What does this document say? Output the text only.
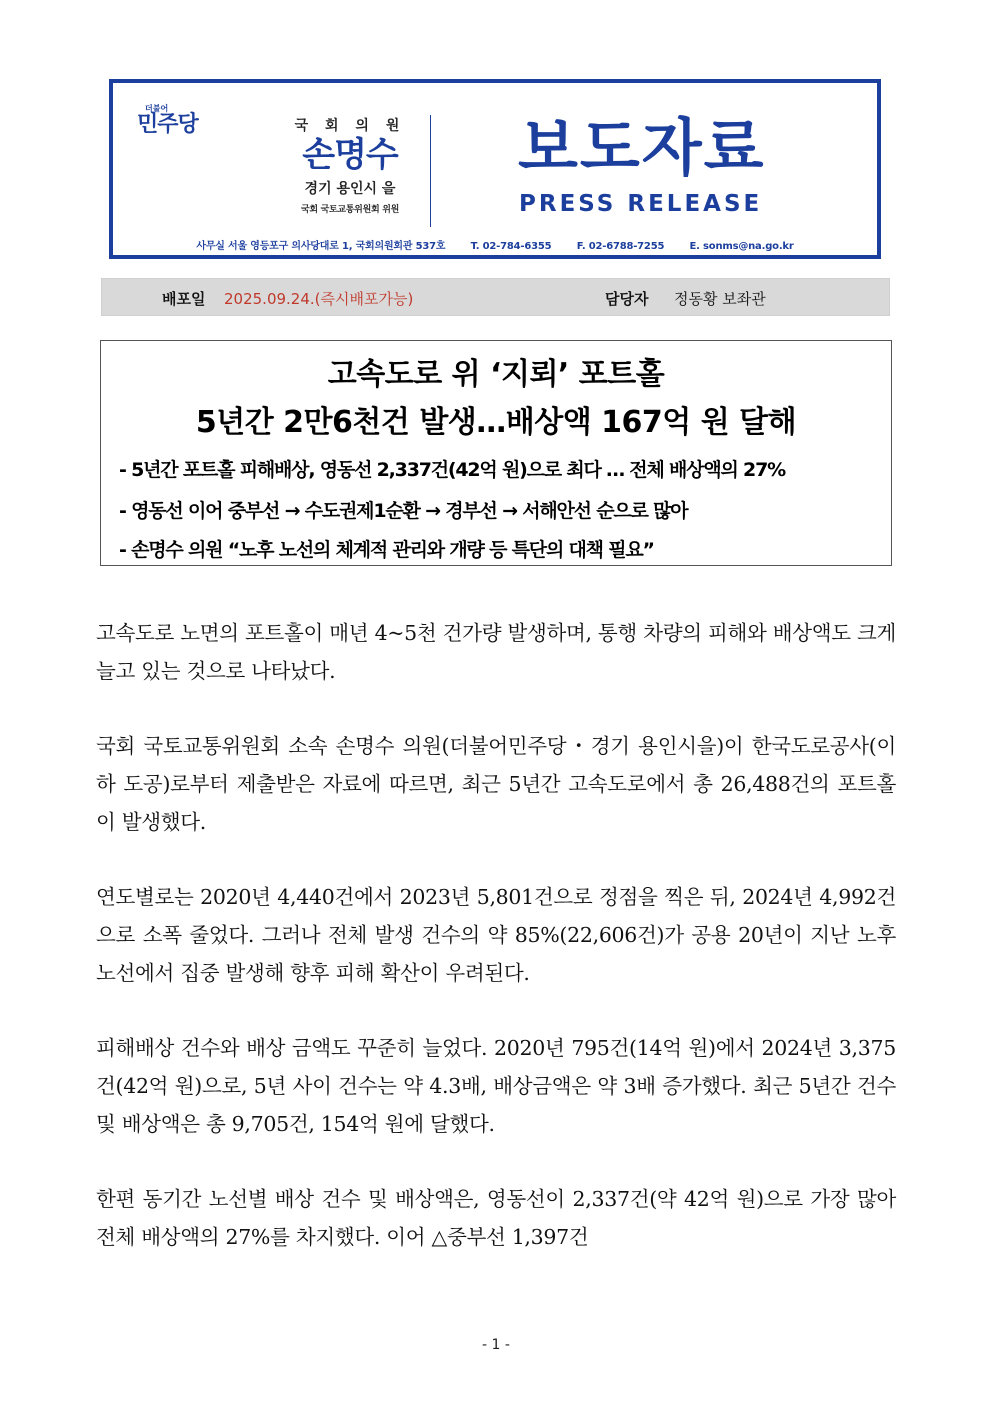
더불어
민주당	국 회 의 원
손명수
경기 용인시 을
국회 국토교통위원회 위원
보도자료
PRESS RELEASE
사무실 서울 영등포구 의사당대로 1, 국회의원회관 537호	T. 02-784-6355	F. 02-6788-7255	E. sonms@na.go.kr
배포일 2025.09.24.(즉시배포가능)	담당자 정동황 보좌관
고속도로 위 ‘지뢰’ 포트홀
5년간 2만6천건 발생…배상액 167억 원 달해
- 5년간 포트홀 피해배상, 영동선 2,337건(42억 원)으로 최다 … 전체 배상액의 27%
- 영동선 이어 중부선 → 수도권제1순환 → 경부선 → 서해안선 순으로 많아
- 손명수 의원 “노후 노선의 체계적 관리와 개량 등 특단의 대책 필요”

고속도로 노면의 포트홀이 매년 4~5천 건가량 발생하며, 통행 차량의 피해와 배상액도 크게 늘고 있는 것으로 나타났다.

국회 국토교통위원회 소속 손명수 의원(더불어민주당・경기 용인시을)이 한국도로공사(이하 도공)로부터 제출받은 자료에 따르면, 최근 5년간 고속도로에서 총 26,488건의 포트홀이 발생했다.

연도별로는 2020년 4,440건에서 2023년 5,801건으로 정점을 찍은 뒤, 2024년 4,992건으로 소폭 줄었다. 그러나 전체 발생 건수의 약 85%(22,606건)가 공용 20년이 지난 노후 노선에서 집중 발생해 향후 피해 확산이 우려된다.

피해배상 건수와 배상 금액도 꾸준히 늘었다. 2020년 795건(14억 원)에서 2024년 3,375건(42억 원)으로, 5년 사이 건수는 약 4.3배, 배상금액은 약 3배 증가했다. 최근 5년간 건수 및 배상액은 총 9,705건, 154억 원에 달했다.

한편 동기간 노선별 배상 건수 및 배상액은, 영동선이 2,337건(약 42억 원)으로 가장 많아 전체 배상액의 27%를 차지했다. 이어 △중부선 1,397건

- 1 -
